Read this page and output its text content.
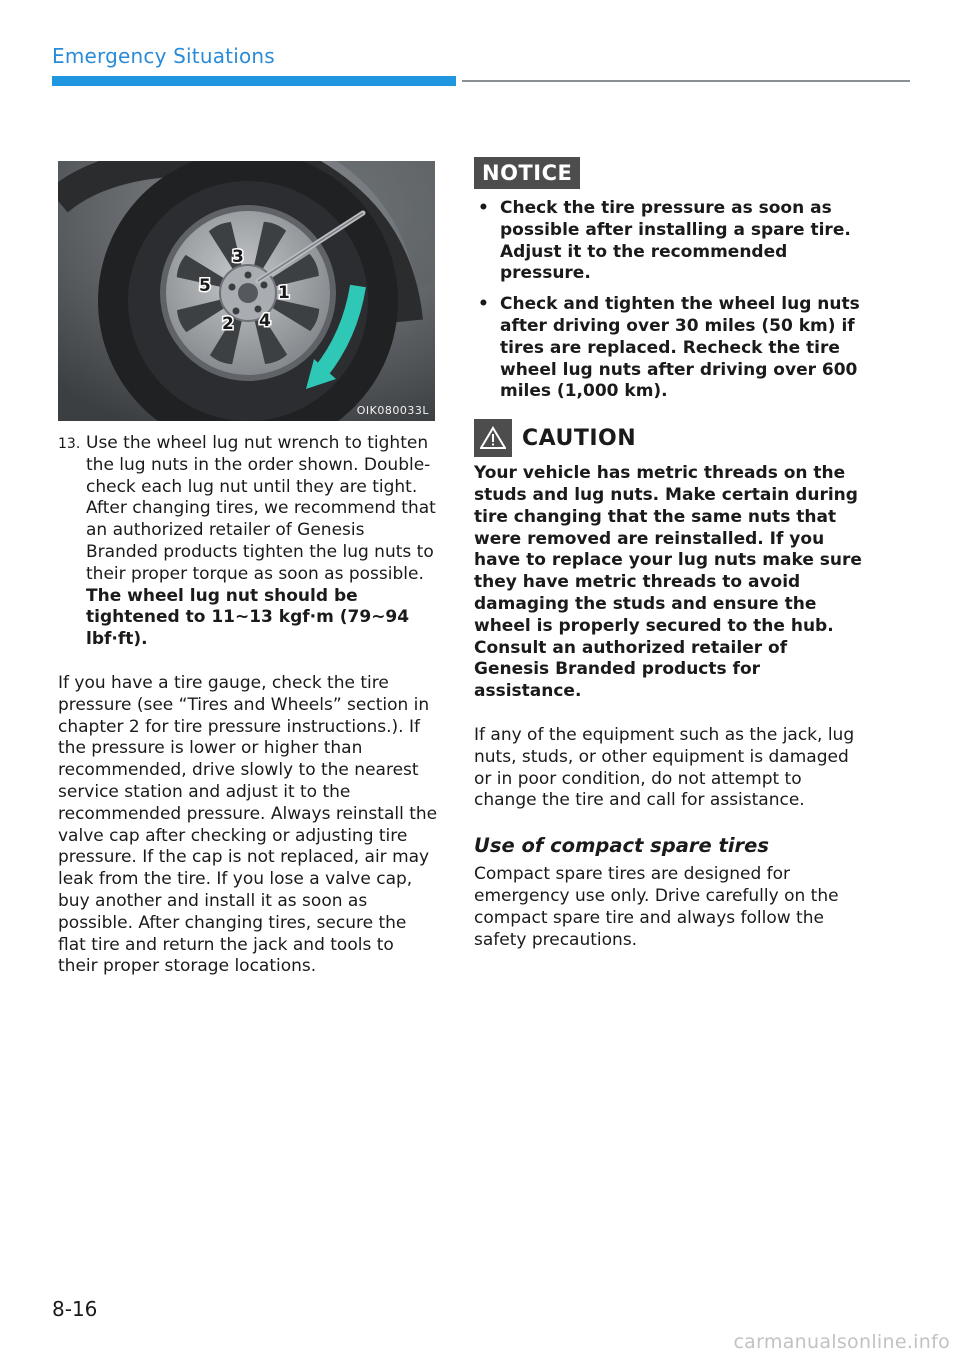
Emergency Situations
1
2
3
4
5
OIK080033L
13. Use the wheel lug nut wrench to tighten the lug nuts in the order shown. Double-check each lug nut until they are tight. After changing tires, we recommend that an authorized retailer of Genesis Branded products tighten the lug nuts to their proper torque as soon as possible. The wheel lug nut should be tightened to 11~13 kgf·m (79~94 lbf·ft).

If you have a tire gauge, check the tire pressure (see “Tires and Wheels” section in chapter 2 for tire pressure instructions.). If the pressure is lower or higher than recommended, drive slowly to the nearest service station and adjust it to the recommended pressure. Always reinstall the valve cap after checking or adjusting tire pressure. If the cap is not replaced, air may leak from the tire. If you lose a valve cap, buy another and install it as soon as possible. After changing tires, secure the flat tire and return the jack and tools to their proper storage locations.

NOTICE
• Check the tire pressure as soon as possible after installing a spare tire. Adjust it to the recommended pressure.
• Check and tighten the wheel lug nuts after driving over 30 miles (50 km) if tires are replaced. Recheck the tire wheel lug nuts after driving over 600 miles (1,000 km).
CAUTION

Your vehicle has metric threads on the studs and lug nuts. Make certain during tire changing that the same nuts that were removed are reinstalled. If you have to replace your lug nuts make sure they have metric threads to avoid damaging the studs and ensure the wheel is properly secured to the hub. Consult an authorized retailer of Genesis Branded products for assistance.

If any of the equipment such as the jack, lug nuts, studs, or other equipment is damaged or in poor condition, do not attempt to change the tire and call for assistance.

Use of compact spare tires

Compact spare tires are designed for emergency use only. Drive carefully on the compact spare tire and always follow the safety precautions.

8-16
carmanualsonline.info
